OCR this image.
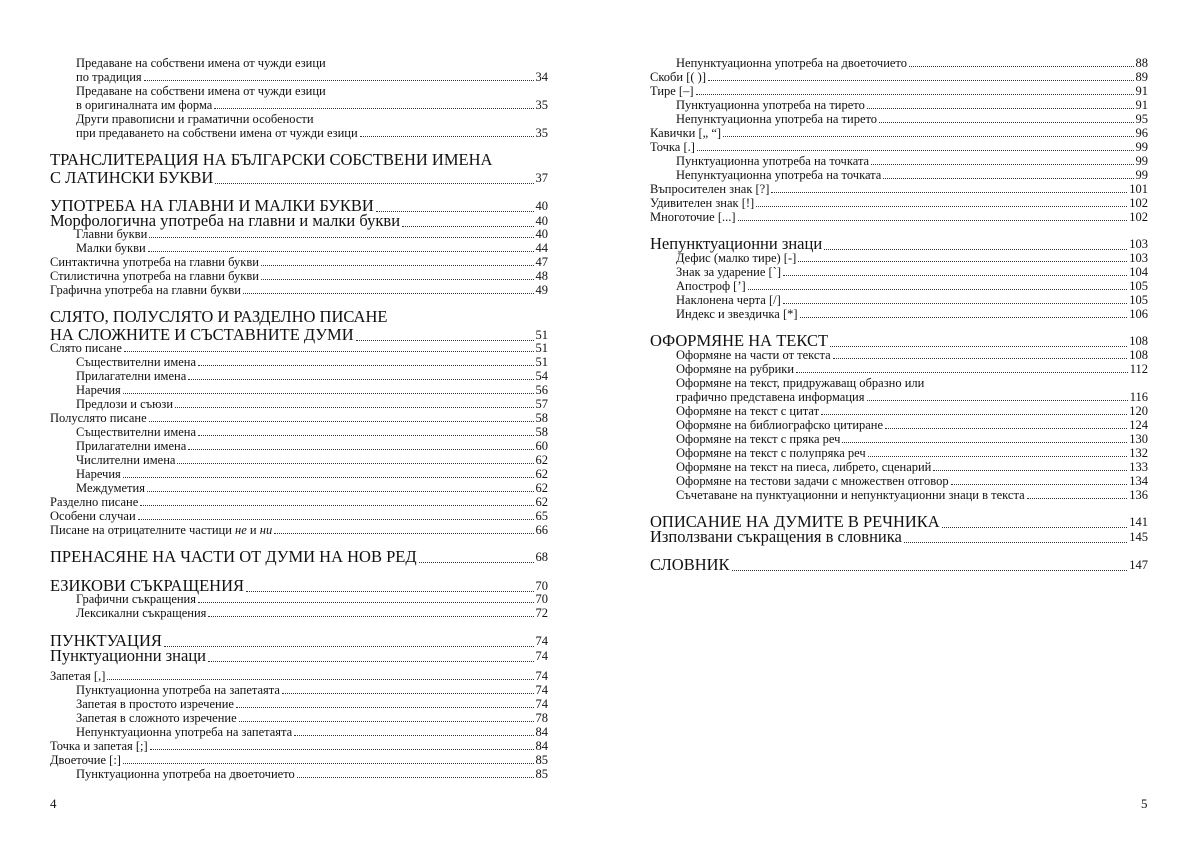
Предаване на собствени имена от чужди езици
по традиция	34
Предаване на собствени имена от чужди езици
в оригиналната им форма	35
Други правописни и граматични особености
при предаването на собствени имена от чужди езици	35
ТРАНСЛИТЕРАЦИЯ НА БЪЛГАРСКИ СОБСТВЕНИ ИМЕНА
С ЛАТИНСКИ БУКВИ	37
УПОТРЕБА НА ГЛАВНИ И МАЛКИ БУКВИ	40
Морфологична употреба на главни и малки букви	40
Главни букви	40
Малки букви	44
Синтактична употреба на главни букви	47
Стилистична употреба на главни букви	48
Графична употреба на главни букви	49
СЛЯТО, ПОЛУСЛЯТО И РАЗДЕЛНО ПИСАНЕ
НА СЛОЖНИТЕ И СЪСТАВНИТЕ ДУМИ	51
Слято писане	51
Съществителни имена	51
Прилагателни имена	54
Наречия	56
Предлози и съюзи	57
Полуслято писане	58
Съществителни имена	58
Прилагателни имена	60
Числителни имена	62
Наречия	62
Междуметия	62
Разделно писане	62
Особени случаи	65
Писане на отрицателните частици не и ни	66
ПРЕНАСЯНЕ НА ЧАСТИ ОТ ДУМИ НА НОВ РЕД	68
ЕЗИКОВИ СЪКРАЩЕНИЯ	70
Графични съкращения	70
Лексикални съкращения	72
ПУНКТУАЦИЯ	74
Пунктуационни знаци	74
Запетая [,]	74
Пунктуационна употреба на запетаята	74
Запетая в простото изречение	74
Запетая в сложното изречение	78
Непунктуационна употреба на запетаята	84
Точка и запетая [;]	84
Двоеточие [:]	85
Пунктуационна употреба на двоеточието	85
4
Непунктуационна употреба на двоеточието	88
Скоби [( )]	89
Тире [–]	91
Пунктуационна употреба на тирето	91
Непунктуационна употреба на тирето	95
Кавички [„ “]	96
Точка [.]	99
Пунктуационна употреба на точката	99
Непунктуационна употреба на точката	99
Въпросителен знак [?]	101
Удивителен знак [!]	102
Многоточие [...]	102
Непунктуационни знаци	103
Дефис (малко тире) [-]	103
Знак за ударение [`]	104
Апостроф [’]	105
Наклонена черта [/]	105
Индекс и звездичка [*]	106
ОФОРМЯНЕ НА ТЕКСТ	108
Оформяне на части от текста	108
Оформяне на рубрики	112
Оформяне на текст, придружаващ образно или
графично представена информация	116
Оформяне на текст с цитат	120
Оформяне на библиографско цитиране	124
Оформяне на текст с пряка реч	130
Оформяне на текст с полупряка реч	132
Оформяне на текст на пиеса, либрето, сценарий	133
Оформяне на тестови задачи с множествен отговор	134
Съчетаване на пунктуационни и непунктуационни знаци в текста	136
ОПИСАНИЕ НА ДУМИТЕ В РЕЧНИКА	141
Използвани съкращения в словника	145
СЛОВНИК	147
5
